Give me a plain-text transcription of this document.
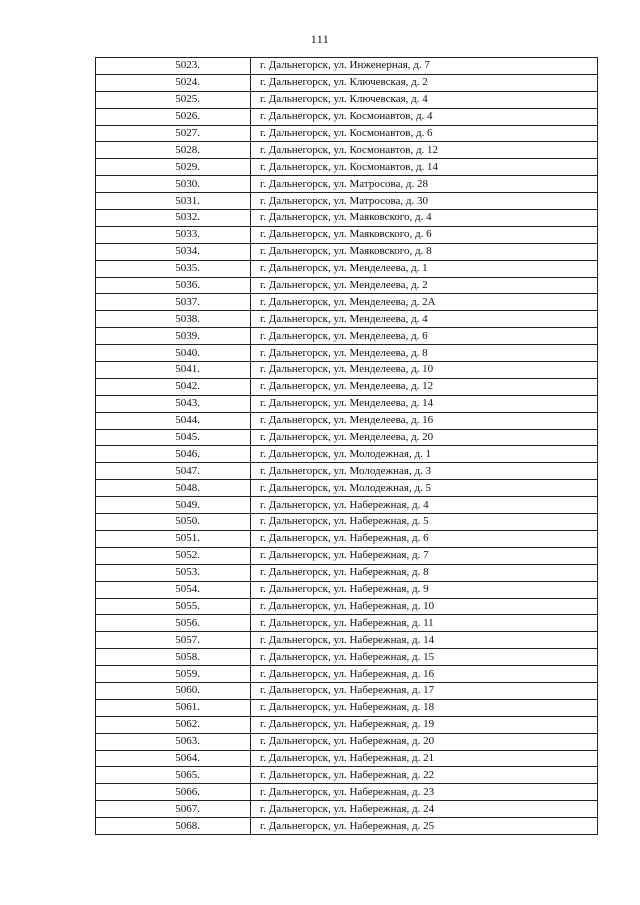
111
5023.	г. Дальнегорск, ул. Инженерная, д. 7
5024.	г. Дальнегорск, ул. Ключевская, д. 2
5025.	г. Дальнегорск, ул. Ключевская, д. 4
5026.	г. Дальнегорск, ул. Космонавтов, д. 4
5027.	г. Дальнегорск, ул. Космонавтов, д. 6
5028.	г. Дальнегорск, ул. Космонавтов, д. 12
5029.	г. Дальнегорск, ул. Космонавтов, д. 14
5030.	г. Дальнегорск, ул. Матросова, д. 28
5031.	г. Дальнегорск, ул. Матросова, д. 30
5032.	г. Дальнегорск, ул. Маяковского, д. 4
5033.	г. Дальнегорск, ул. Маяковского, д. 6
5034.	г. Дальнегорск, ул. Маяковского, д. 8
5035.	г. Дальнегорск, ул. Менделеева, д. 1
5036.	г. Дальнегорск, ул. Менделеева, д. 2
5037.	г. Дальнегорск, ул. Менделеева, д. 2А
5038.	г. Дальнегорск, ул. Менделеева, д. 4
5039.	г. Дальнегорск, ул. Менделеева, д. 6
5040.	г. Дальнегорск, ул. Менделеева, д. 8
5041.	г. Дальнегорск, ул. Менделеева, д. 10
5042.	г. Дальнегорск, ул. Менделеева, д. 12
5043.	г. Дальнегорск, ул. Менделеева, д. 14
5044.	г. Дальнегорск, ул. Менделеева, д. 16
5045.	г. Дальнегорск, ул. Менделеева, д. 20
5046.	г. Дальнегорск, ул. Молодежная, д. 1
5047.	г. Дальнегорск, ул. Молодежная, д. 3
5048.	г. Дальнегорск, ул. Молодежная, д. 5
5049.	г. Дальнегорск, ул. Набережная, д. 4
5050.	г. Дальнегорск, ул. Набережная, д. 5
5051.	г. Дальнегорск, ул. Набережная, д. 6
5052.	г. Дальнегорск, ул. Набережная, д. 7
5053.	г. Дальнегорск, ул. Набережная, д. 8
5054.	г. Дальнегорск, ул. Набережная, д. 9
5055.	г. Дальнегорск, ул. Набережная, д. 10
5056.	г. Дальнегорск, ул. Набережная, д. 11
5057.	г. Дальнегорск, ул. Набережная, д. 14
5058.	г. Дальнегорск, ул. Набережная, д. 15
5059.	г. Дальнегорск, ул. Набережная, д. 16
5060.	г. Дальнегорск, ул. Набережная, д. 17
5061.	г. Дальнегорск, ул. Набережная, д. 18
5062.	г. Дальнегорск, ул. Набережная, д. 19
5063.	г. Дальнегорск, ул. Набережная, д. 20
5064.	г. Дальнегорск, ул. Набережная, д. 21
5065.	г. Дальнегорск, ул. Набережная, д. 22
5066.	г. Дальнегорск, ул. Набережная, д. 23
5067.	г. Дальнегорск, ул. Набережная, д. 24
5068.	г. Дальнегорск, ул. Набережная, д. 25
